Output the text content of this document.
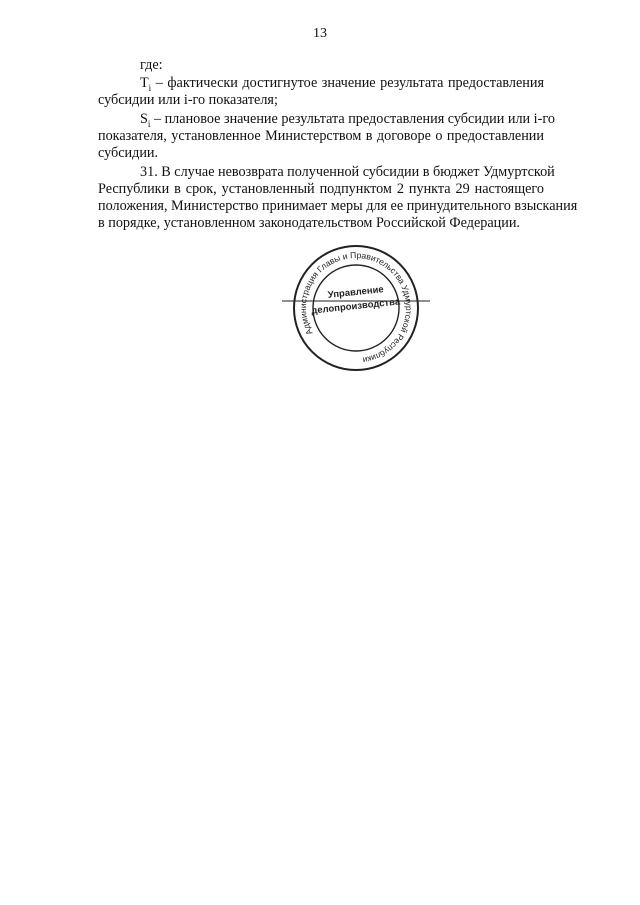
13
где:
$T_i$ – фактически достигнутое значение результата предоставления
субсидии или i-го показателя;
$S_i$ – плановое значение результата предоставления субсидии или i-го
показателя, установленное Министерством в договоре о предоставлении
субсидии.
31. В случае невозврата полученной субсидии в бюджет Удмуртской
Республики в срок, установленный подпунктом 2 пункта 29 настоящего
положения, Министерство принимает меры для ее принудительного взыскания
в порядке, установленном законодательством Российской Федерации.
Администрация Главы и Правительства Удмуртской Республики
Управление
делопроизводства
